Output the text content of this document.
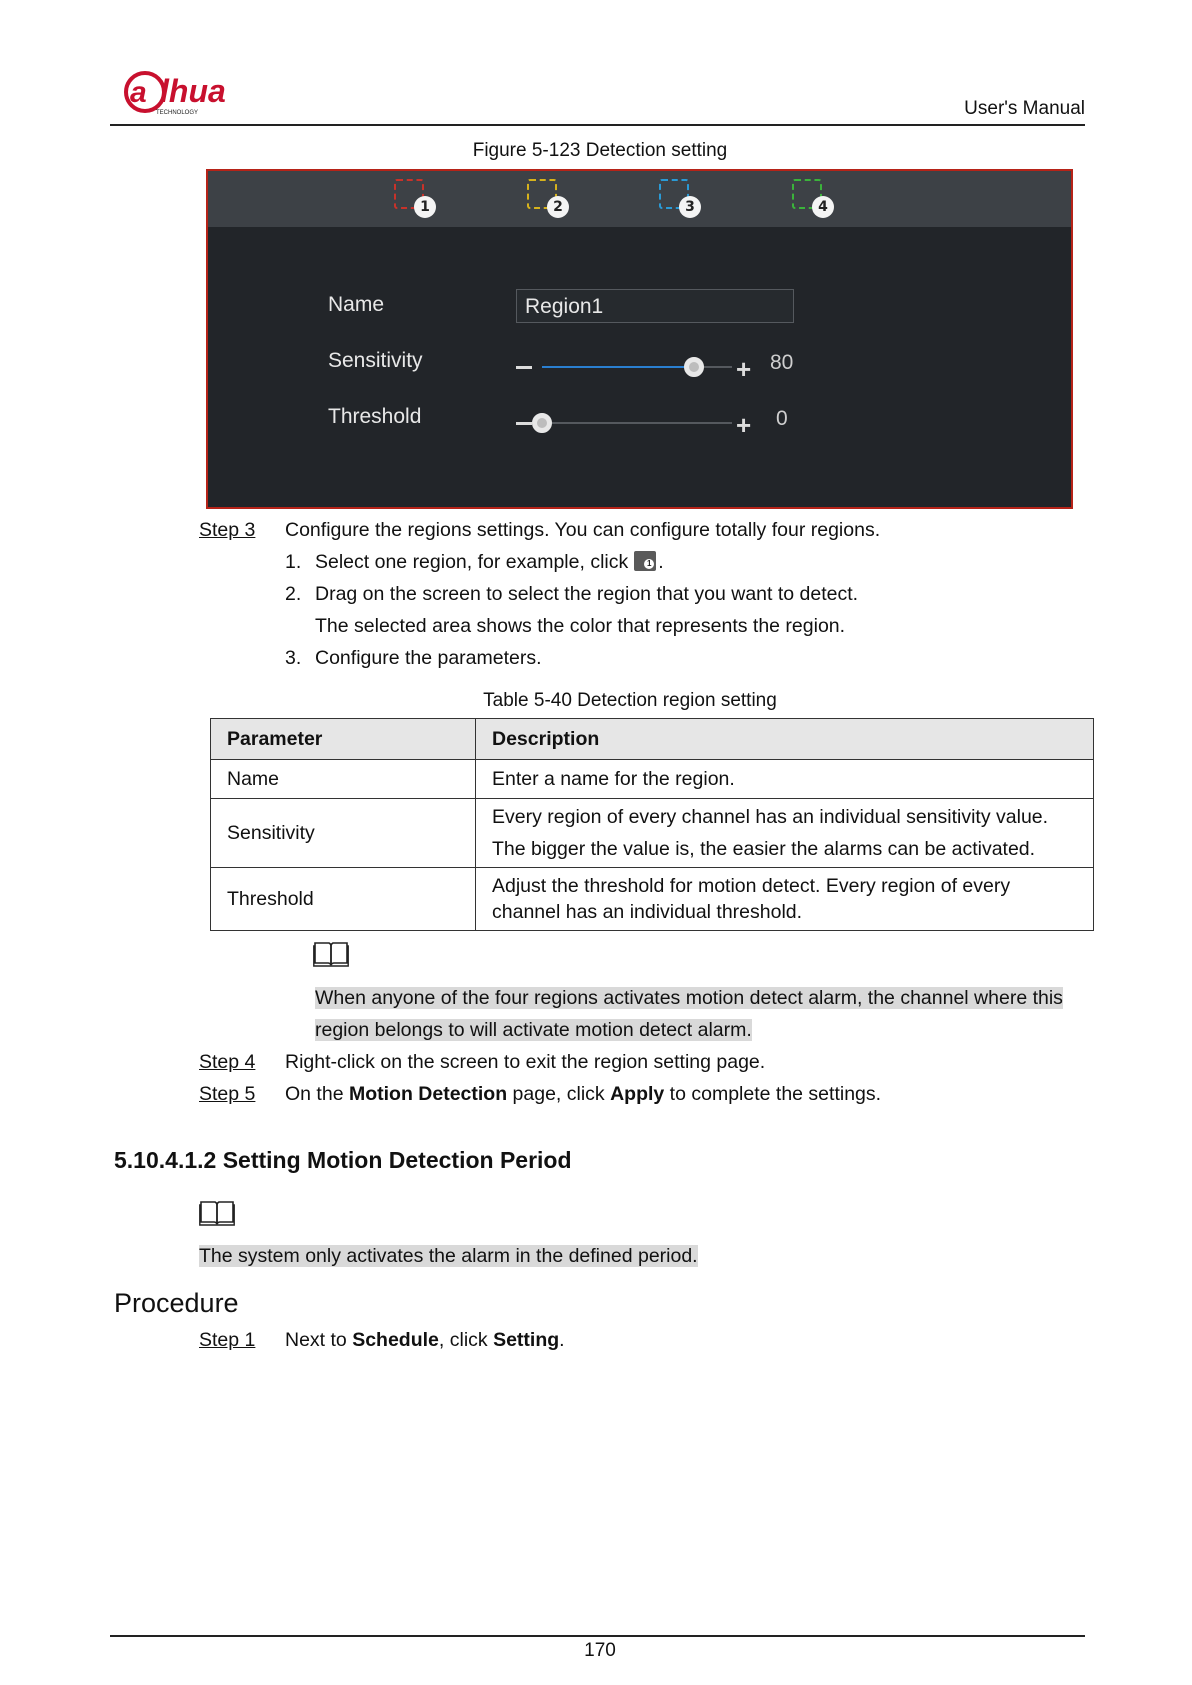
a lhua
TECHNOLOGY	User's Manual
Figure 5-123 Detection setting
1	2	3	4
Name	Region1
Sensitivity	+ 80
Threshold	+ 0
Step 3 Configure the regions settings. You can configure totally four regions.
1. Select one region, for example, click	1 .
2. Drag on the screen to select the region that you want to detect.
The selected area shows the color that represents the region.
3. Configure the parameters.
Table 5-40 Detection region setting
Parameter	Description
Name	Enter a name for the region.
Sensitivity	Every region of every channel has an individual sensitivity value.
The bigger the value is, the easier the alarms can be activated.

Threshold	Adjust the threshold for motion detect. Every region of every
channel has an individual threshold.
When anyone of the four regions activates motion detect alarm, the channel where this
region belongs to will activate motion detect alarm.
Step 4 Right-click on the screen to exit the region setting page.
Step 5 On the Motion Detection page, click Apply to complete the settings.
5.10.4.1.2 Setting Motion Detection Period
The system only activates the alarm in the defined period.
Procedure
Step 1 Next to Schedule, click Setting.
170
